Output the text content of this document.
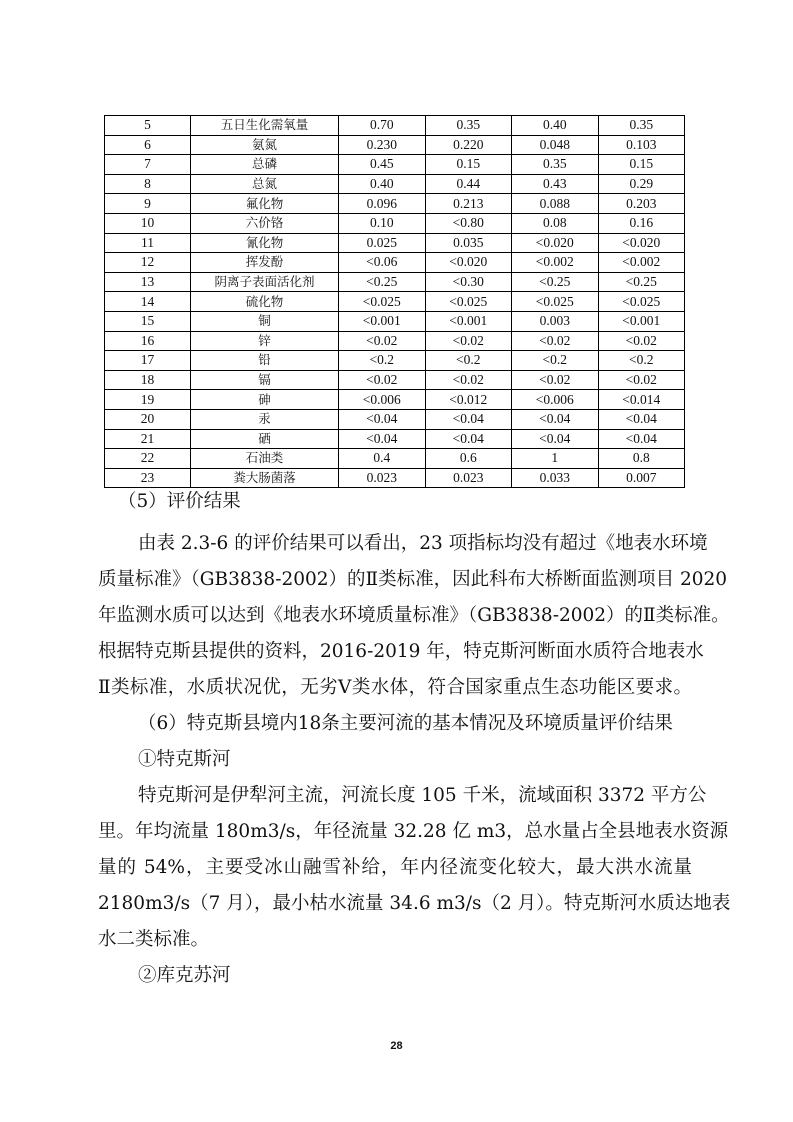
5	五日生化需氧量	0.70	0.35	0.40	0.35
6	氨氮	0.230	0.220	0.048	0.103
7	总磷	0.45	0.15	0.35	0.15
8	总氮	0.40	0.44	0.43	0.29
9	氟化物	0.096	0.213	0.088	0.203
10	六价铬	0.10	<0.80	0.08	0.16
11	氰化物	0.025	0.035	<0.020	<0.020
12	挥发酚	<0.06	<0.020	<0.002	<0.002
13	阴离子表面活化剂	<0.25	<0.30	<0.25	<0.25
14	硫化物	<0.025	<0.025	<0.025	<0.025
15	铜	<0.001	<0.001	0.003	<0.001
16	锌	<0.02	<0.02	<0.02	<0.02
17	铅	<0.2	<0.2	<0.2	<0.2
18	镉	<0.02	<0.02	<0.02	<0.02
19	砷	<0.006	<0.012	<0.006	<0.014
20	汞	<0.04	<0.04	<0.04	<0.04
21	硒	<0.04	<0.04	<0.04	<0.04
22	石油类	0.4	0.6	1	0.8
23	粪大肠菌落	0.023	0.023	0.033	0.007
（5）评价结果
由表 2.3-6 的评价结果可以看出，23 项指标均没有超过《地表水环境
质量标准》（GB3838-2002）的Ⅱ类标准，因此科布大桥断面监测项目 2020
年监测水质可以达到《地表水环境质量标准》（GB3838-2002）的Ⅱ类标准。
根据特克斯县提供的资料，2016-2019 年，特克斯河断面水质符合地表水
Ⅱ类标准，水质状况优，无劣Ⅴ类水体，符合国家重点生态功能区要求。
（6）特克斯县境内18条主要河流的基本情况及环境质量评价结果
①特克斯河
特克斯河是伊犁河主流，河流长度 105 千米，流域面积 3372 平方公
里。年均流量 180m3/s，年径流量 32.28 亿 m3，总水量占全县地表水资源
量的 54%，主要受冰山融雪补给，年内径流变化较大，最大洪水流量
2180m3/s（7 月），最小枯水流量 34.6 m3/s（2 月）。特克斯河水质达地表
水二类标准。
②库克苏河
28
